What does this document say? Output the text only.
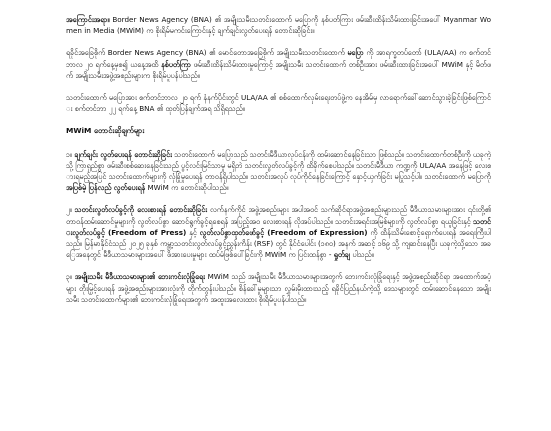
အကြောင်းအရာ။ Border News Agency (BNA) ၏ အမျိုးသမီးသတင်းထောက် မပြောကို နစ်ပတ်ကြား ဖမ်းဆီးထိန်းသိမ်းထားခြင်းအပေါ် Myanmar Women in Media (MWiM) က စိုးရိမ်မကင်းကြောင်းနှင့် ချက်ချင်းလွတ်ပေးရန် တောင်းဆိုခြင်း။

ရခိုင်အခြေစိုက် Border News Agency (BNA) ၏ မောင်တောအခြေစိုက် အမျိုးသမီးသတင်းထောက် မပြော ကို အာရက္ခတပ်တော် (ULA/AA) က စက်တင်ဘာလ ၂၀ ရက်နေ့မှစ၍ ယနေ့အထိ နစ်ပတ်ကြာ ဖမ်းဆီးထိန်းသိမ်းထားမှုကြောင့် အမျိုးသမီး သတင်းထောက် တစ်ဦးအား ဖမ်းဆီးထားခြင်းအပေါ် MWiM နှင့် မိတ်ဖက် အမျိုးသမီးအဖွဲ့အစည်းများက စိုးရိမ်ပူပန်ပါသည်။

သတင်းထောက် မပြောအား စက်တင်ဘာလ ၂၀ ရက် နံနက်ပိုင်းတွင် ULA/AA ၏ စစ်ထောက်လှမ်းရေးတပ်ဖွဲ့က နေအိမ်မှ လာရောက်ခေါ်ဆောင်သွားခဲ့ခြင်းဖြစ်ကြောင်း စက်တင်ဘာ ၂၂ ရက်နေ့ BNA ၏ ထုတ်ပြန်ချက်အရ သိရှိရသည်။

MWiM တောင်းဆိုချက်များ

၁။ ချက်ချင်း လွတ်ပေးရန် တောင်းဆိုခြင်း သတင်းထောက် မပြောသည် သတင်းမီဒီယာလုပ်ငန်းကို ထမ်းဆောင်နေခြင်းသာ ဖြစ်သည်။ သတင်းထောက်တစ်ဦးကို ယခုကဲ့သို့ ကြာရှည်စွာ ဖမ်းဆီးစစ်ဆေးနေခြင်းသည် ပွင့်လင်းမြင်သာမှု မရှိဘဲ သတင်းလွတ်လပ်ခွင့်ကို ထိခိုက်စေပါသည်။ သတင်းမီဒီယာ ကဏ္ဍကို ULA/AA အနေဖြင့် လေးစားရမည့်အပြင် သတင်းထောက်များကို လုံခြုံမှုပေးရန် တာဝန်ရှိပါသည်။ သတင်းအလုပ် လုပ်ကိုင်နေခြင်းကြောင့် နှောင့်ယှက်ခြင်း မပြုသင့်ပါ။ သတင်းထောက် မပြောကို အပြစ်မဲ့ ပြန်လည် လွတ်ပေးရန် MWiM က တောင်းဆိုပါသည်။

၂။ သတင်းလွတ်လပ်ခွင့်ကို လေးစားရန် တောင်းဆိုခြင်း လက်နက်ကိုင် အဖွဲ့အစည်းများ အပါအဝင် သက်ဆိုင်ရာအဖွဲ့အစည်းများသည် မီဒီယာသမားများအား ၎င်းတို့၏ တာဝန်ထမ်းဆောင်မှုများကို လွတ်လပ်စွာ ဆောင်ရွက်ခွင့်ရစေရန် အပြည့်အဝ လေးစားရန် လိုအပ်ပါသည်။ သတင်းအရင်းအမြစ်များကို လွတ်လပ်စွာ ရယူခြင်းနှင့် သတင်းလွတ်လပ်ခွင့် (Freedom of Press) နှင့် လွတ်လပ်စွာထုတ်ဖော်ခွင့် (Freedom of Expression) ကို ထိန်းသိမ်းစောင့်ရှောက်ပေးရန် အရေးကြီးပါသည်။ မြန်မာနိုင်ငံသည် ၂၀၂၅ ခုနှစ် ကမ္ဘာ့သတင်းလွတ်လပ်ခွင့်ညွှန်းကိန်း (RSF) တွင် နိုင်ငံပေါင်း (၁၈၀) အနက် အဆင့် ၁၆၉ သို့ ကျဆင်းနေပြီး ယခုကဲ့သို့သော အခြေအနေတွင် မီဒီယာသမားများအပေါ် ဖိအားပေးမှုများ ထပ်မံဖြစ်ပေါ်ခြင်းကို MWiM က ပြင်းထန်စွာ - ရှုတ်ချ ပါသည်။

၃။ အမျိုးသမီး မီဒီယာသမားများ၏ ဘေးကင်းလုံခြုံရေး MWiM သည် အမျိုးသမီး မီဒီယာသမားများအတွက် ဘေးကင်းလုံခြုံရေးနှင့် အဖွဲ့အစည်းဆိုင်ရာ အထောက်အပံ့များ တိုးမြှင့်ပေးရန် အဖွဲ့အစည်းများအားလုံးကို တိုက်တွန်းပါသည်။ စိန်ခေါ်မှုများသာ လွှမ်းမိုးထားသည့် ရခိုင်ပြည်နယ်ကဲ့သို့ ဒေသများတွင် ထမ်းဆောင်နေသော အမျိုးသမီး သတင်းထောက်များ၏ ဘေးကင်းလုံခြုံရေးအတွက် အထူးအလေးထား စိုးရိမ်ပူပန်ပါသည်။
